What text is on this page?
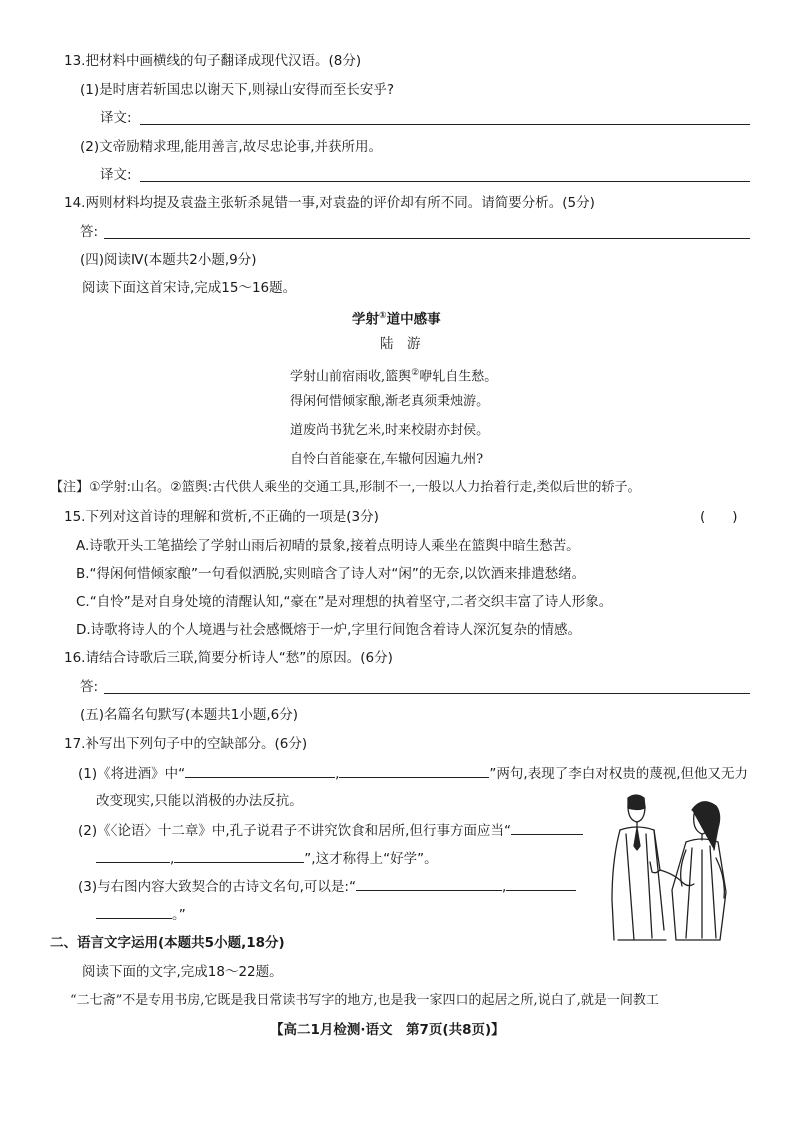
13.把材料中画横线的句子翻译成现代汉语。(8分)
(1)是时唐若斩国忠以谢天下,则禄山安得而至长安乎?
译文:
(2)文帝励精求理,能用善言,故尽忠论事,并获所用。
译文:
14.两则材料均提及袁盎主张斩杀晁错一事,对袁盎的评价却有所不同。请简要分析。(5分)
答:
(四)阅读Ⅳ(本题共2小题,9分)
阅读下面这首宋诗,完成15～16题。
学射①道中感事
陆　游
学射山前宿雨收,篮舆②咿轧自生愁。
得闲何惜倾家酿,渐老真须秉烛游。
道废尚书犹乞米,时来校尉亦封侯。
自怜白首能豪在,车辙何因遍九州?
【注】①学射:山名。②篮舆:古代供人乘坐的交通工具,形制不一,一般以人力抬着行走,类似后世的轿子。
15.下列对这首诗的理解和赏析,不正确的一项是(3分)	(　　)
A.诗歌开头工笔描绘了学射山雨后初晴的景象,接着点明诗人乘坐在篮舆中暗生愁苦。
B.“得闲何惜倾家酿”一句看似洒脱,实则暗含了诗人对“闲”的无奈,以饮酒来排遣愁绪。
C.“自怜”是对自身处境的清醒认知,“豪在”是对理想的执着坚守,二者交织丰富了诗人形象。
D.诗歌将诗人的个人境遇与社会感慨熔于一炉,字里行间饱含着诗人深沉复杂的情感。
16.请结合诗歌后三联,简要分析诗人“愁”的原因。(6分)
答:
(五)名篇名句默写(本题共1小题,6分)
17.补写出下列句子中的空缺部分。(6分)
(1)《将进酒》中“	,	”两句,表现了李白对权贵的蔑视,但他又无力
改变现实,只能以消极的办法反抗。
(2)《〈论语〉十二章》中,孔子说君子不讲究饮食和居所,但行事方面应当“
,	”,这才称得上“好学”。
(3)与右图内容大致契合的古诗文名句,可以是:“	,
。”
二、语言文字运用(本题共5小题,18分)
阅读下面的文字,完成18～22题。
“二七斋”不是专用书房,它既是我日常读书写字的地方,也是我一家四口的起居之所,说白了,就是一间教工
【高二1月检测·语文　第7页(共8页)】
